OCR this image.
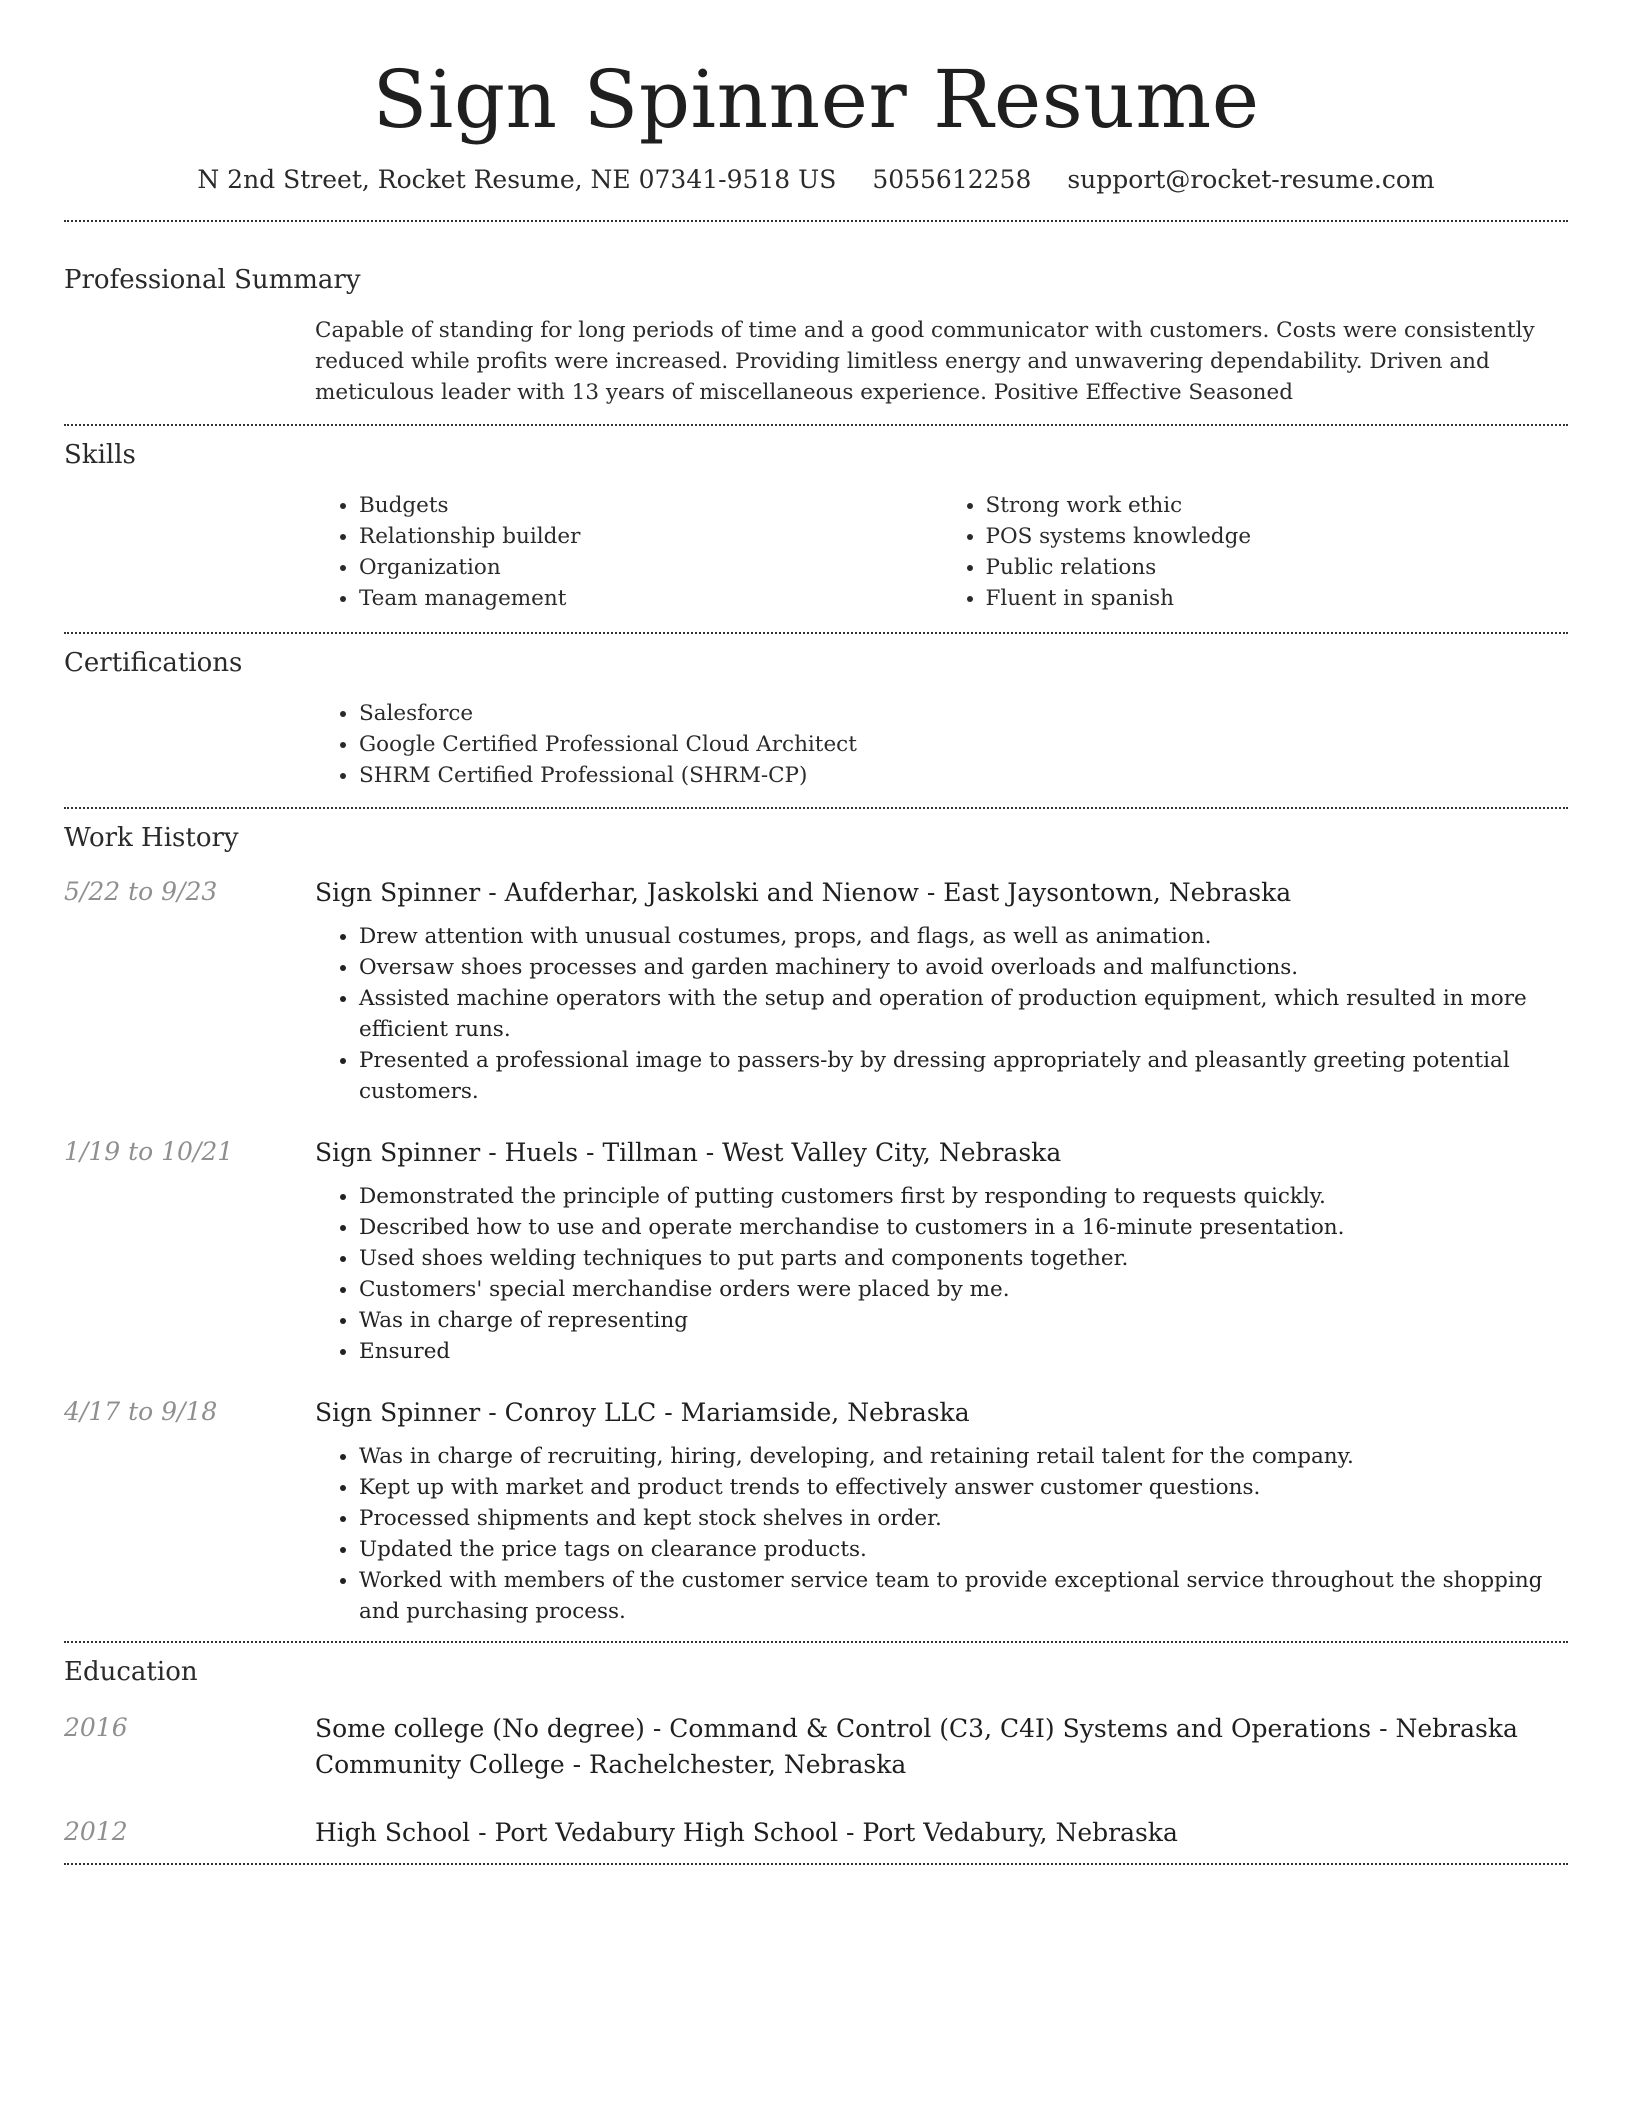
Sign Spinner Resume
N 2nd Street, Rocket Resume, NE 07341-9518 US 5055612258 support@rocket-resume.com
Professional Summary
Capable of standing for long periods of time and a good communicator with customers. Costs were consistently reduced while profits were increased. Providing limitless energy and unwavering dependability. Driven and meticulous leader with 13 years of miscellaneous experience. Positive Effective Seasoned
Skills
• Budgets
• Relationship builder
• Organization
• Team management
• Strong work ethic
• POS systems knowledge
• Public relations
• Fluent in spanish
Certifications
• Salesforce
• Google Certified Professional Cloud Architect
• SHRM Certified Professional (SHRM-CP)
Work History
5/22 to 9/23	Sign Spinner - Aufderhar, Jaskolski and Nienow - East Jaysontown, Nebraska
• Drew attention with unusual costumes, props, and flags, as well as animation.
• Oversaw shoes processes and garden machinery to avoid overloads and malfunctions.
• Assisted machine operators with the setup and operation of production equipment, which resulted in more efficient runs.
• Presented a professional image to passers-by by dressing appropriately and pleasantly greeting potential customers.
1/19 to 10/21	Sign Spinner - Huels - Tillman - West Valley City, Nebraska
• Demonstrated the principle of putting customers first by responding to requests quickly.
• Described how to use and operate merchandise to customers in a 16-minute presentation.
• Used shoes welding techniques to put parts and components together.
• Customers' special merchandise orders were placed by me.
• Was in charge of representing
• Ensured
4/17 to 9/18	Sign Spinner - Conroy LLC - Mariamside, Nebraska
• Was in charge of recruiting, hiring, developing, and retaining retail talent for the company.
• Kept up with market and product trends to effectively answer customer questions.
• Processed shipments and kept stock shelves in order.
• Updated the price tags on clearance products.
• Worked with members of the customer service team to provide exceptional service throughout the shopping and purchasing process.
Education
2016	Some college (No degree) - Command & Control (C3, C4I) Systems and Operations - Nebraska Community College - Rachelchester, Nebraska
2012	High School - Port Vedabury High School - Port Vedabury, Nebraska
